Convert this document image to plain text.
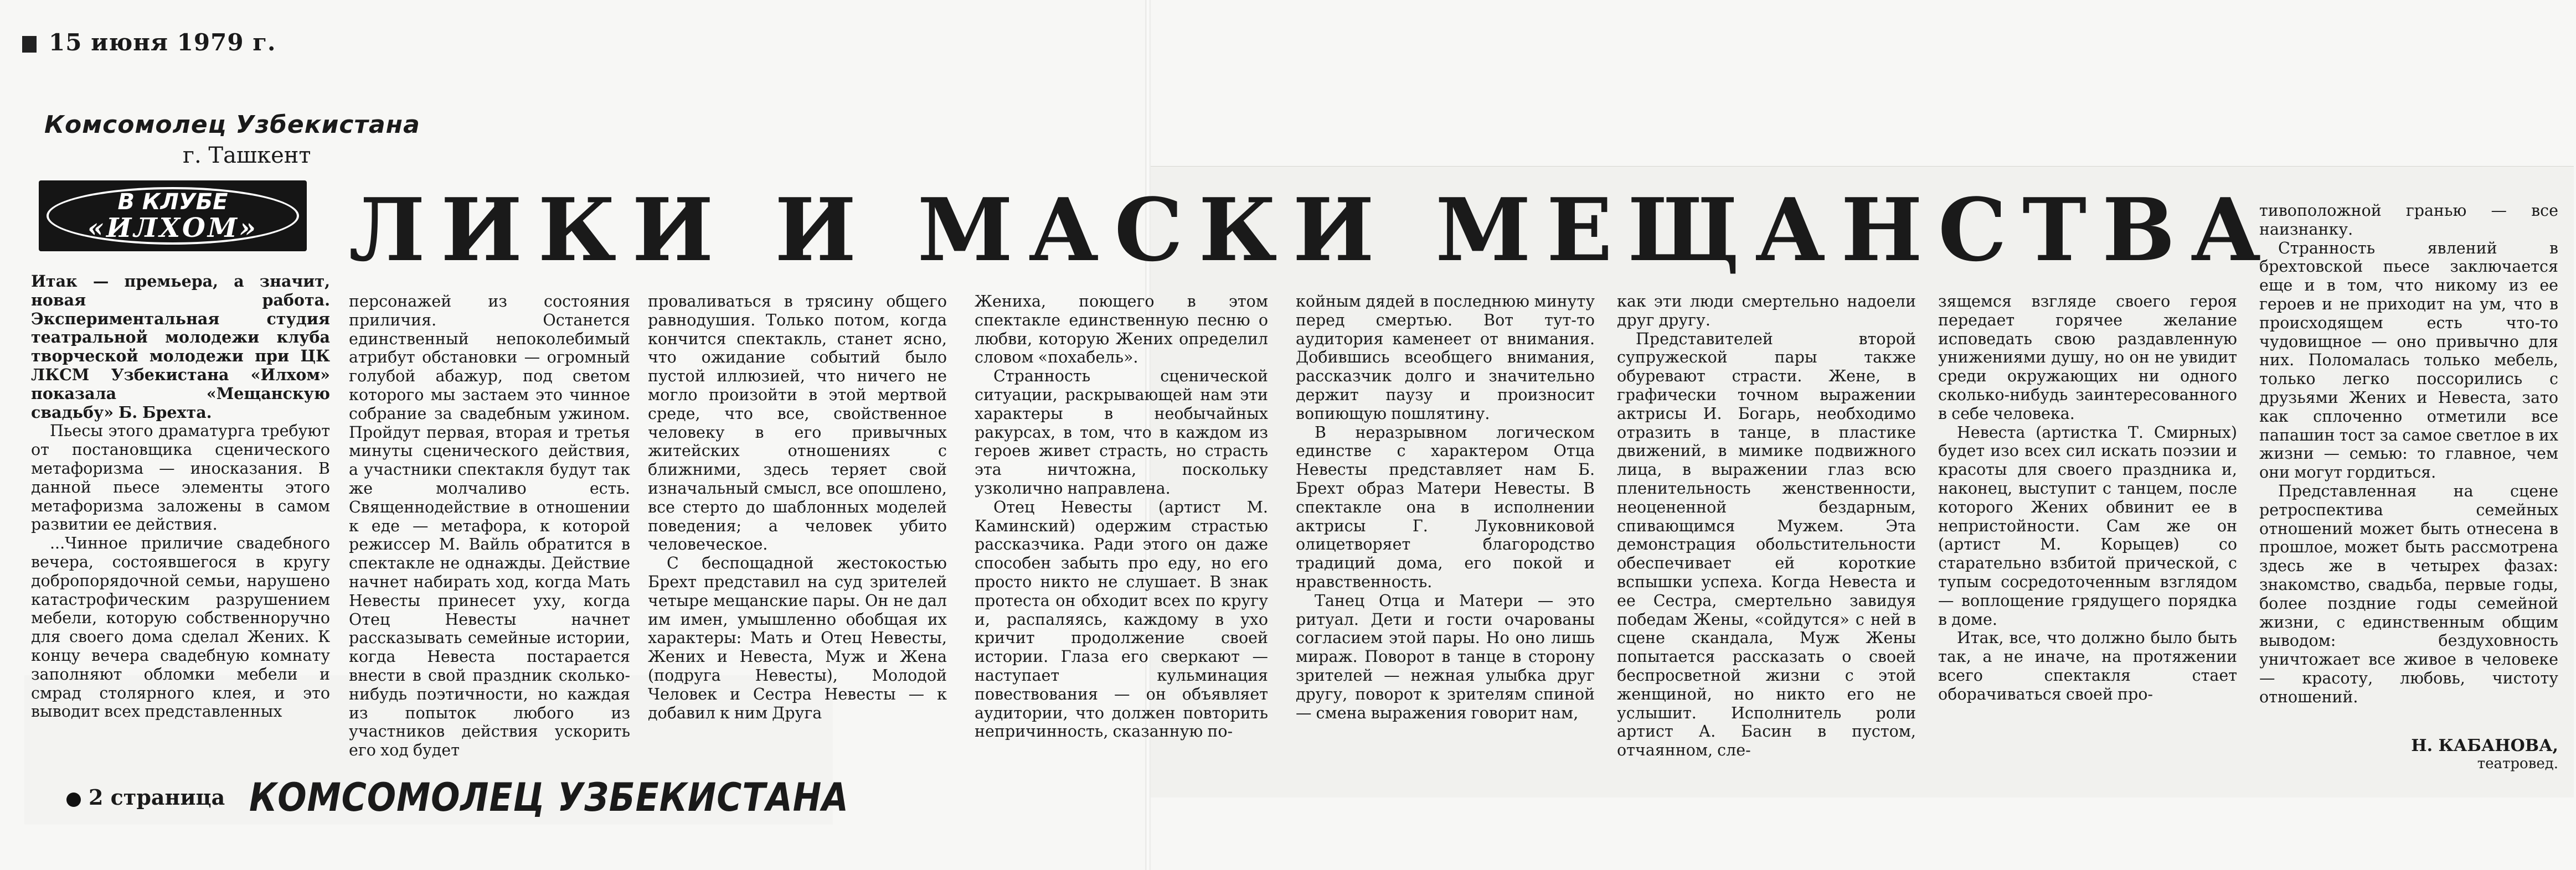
15 июня 1979 г.
Комсомолец Узбекистана
г. Ташкент
В КЛУБЕ
«ИЛХОМ»	ЛИКИ И МАСКИ МЕЩАНСТВА

Итак — премьера, а значит, новая работа. Экспериментальная студия театральной молодежи клуба творческой молодежи при ЦК ЛКСМ Узбекистана «Илхом» показала «Мещанскую свадьбу» Б. Брехта.

Пьесы этого драматурга требуют от постановщика сценического метафоризма — иносказания. В данной пьесе элементы этого метафоризма заложены в самом развитии ее действия.

...Чинное приличие свадебного вечера, состоявшегося в кругу добропорядочной семьи, нарушено катастрофическим разрушением мебели, которую собственноручно для своего дома сделал Жених. К концу вечера свадебную комнату заполняют обломки мебели и смрад столярного клея, и это выводит всех представленных

персонажей из состояния приличия. Останется единственный непоколебимый атрибут обстановки — огромный голубой абажур, под светом которого мы застаем это чинное собрание за свадебным ужином. Пройдут первая, вторая и третья минуты сценического действия, а участники спектакля будут так же молчаливо есть. Священнодействие в отношении к еде — метафора, к которой режиссер М. Вайль обратится в спектакле не однажды. Действие начнет набирать ход, когда Мать Невесты принесет уху, когда Отец Невесты начнет рассказывать семейные истории, когда Невеста постарается внести в свой праздник сколько-нибудь поэтичности, но каждая из попыток любого из участников действия ускорить его ход будет

проваливаться в трясину общего равнодушия. Только потом, когда кончится спектакль, станет ясно, что ожидание событий было пустой иллюзией, что ничего не могло произойти в этой мертвой среде, что все, свойственное человеку в его привычных житейских отношениях с ближними, здесь теряет свой изначальный смысл, все опошлено, все стерто до шаблонных моделей поведения; а человек убито человеческое.

С беспощадной жестокостью Брехт представил на суд зрителей четыре мещанские пары. Он не дал им имен, умышленно обобщая их характеры: Мать и Отец Невесты, Жених и Невеста, Муж и Жена (подруга Невесты), Молодой Человек и Сестра Невесты — к добавил к ним Друга

Жениха, поющего в этом спектакле единственную песню о любви, которую Жених определил словом «похабель».

Странность сценической ситуации, раскрывающей нам эти характеры в необычайных ракурсах, в том, что в каждом из героев живет страсть, но страсть эта ничтожна, поскольку узколично направлена.

Отец Невесты (артист М. Каминский) одержим страстью рассказчика. Ради этого он даже способен забыть про еду, но его просто никто не слушает. В знак протеста он обходит всех по кругу и, распаляясь, каждому в ухо кричит продолжение своей истории. Глаза его сверкают — наступает кульминация повествования — он объявляет аудитории, что должен повторить непричинность, сказанную по-

койным дядей в последнюю минуту перед смертью. Вот тут-то аудитория каменеет от внимания. Добившись всеобщего внимания, рассказчик долго и значительно держит паузу и произносит вопиющую пошлятину.

В неразрывном логическом единстве с характером Отца Невесты представляет нам Б. Брехт образ Матери Невесты. В спектакле она в исполнении актрисы Г. Луковниковой олицетворяет благородство традиций дома, его покой и нравственность.

Танец Отца и Матери — это ритуал. Дети и гости очарованы согласием этой пары. Но оно лишь мираж. Поворот в танце в сторону зрителей — нежная улыбка друг другу, поворот к зрителям спиной — смена выражения говорит нам,

как эти люди смертельно надоели друг другу.

Представителей второй супружеской пары также обуревают страсти. Жене, в графически точном выражении актрисы И. Богарь, необходимо отразить в танце, в пластике движений, в мимике подвижного лица, в выражении глаз всю пленительность женственности, неоцененной бездарным, спивающимся Мужем. Эта демонстрация обольстительности обеспечивает ей короткие вспышки успеха. Когда Невеста и ее Сестра, смертельно завидуя победам Жены, «сойдутся» с ней в сцене скандала, Муж Жены попытается рассказать о своей беспросветной жизни с этой женщиной, но никто его не услышит. Исполнитель роли артист А. Басин в пустом, отчаянном, сле-

зящемся взгляде своего героя передает горячее желание исповедать свою раздавленную унижениями душу, но он не увидит среди окружающих ни одного сколько-нибудь заинтересованного в себе человека.

Невеста (артистка Т. Смирных) будет изо всех сил искать поэзии и красоты для своего праздника и, наконец, выступит с танцем, после которого Жених обвинит ее в непристойности. Сам же он (артист М. Корыцев) со старательно взбитой прической, с тупым сосредоточенным взглядом — воплощение грядущего порядка в доме.

Итак, все, что должно было быть так, а не иначе, на протяжении всего спектакля стает оборачиваться своей про-

тивоположной гранью — все наизнанку.

Странность явлений в брехтовской пьесе заключается еще и в том, что никому из ее героев и не приходит на ум, что в происходящем есть что-то чудовищное — оно привычно для них. Поломалась только мебель, только легко поссорились с друзьями Жених и Невеста, зато как сплоченно отметили все папашин тост за самое светлое в их жизни — семью: то главное, чем они могут гордиться.

Представленная на сцене ретроспектива семейных отношений может быть отнесена в прошлое, может быть рассмотрена здесь же в четырех фазах: знакомство, свадьба, первые годы, более поздние годы семейной жизни, с единственным общим выводом: бездуховность уничтожает все живое в человеке — красоту, любовь, чистоту отношений.

Н. КАБАНОВА,
театровед.
2 страница КОМСОМОЛЕЦ УЗБЕКИСТАНА
